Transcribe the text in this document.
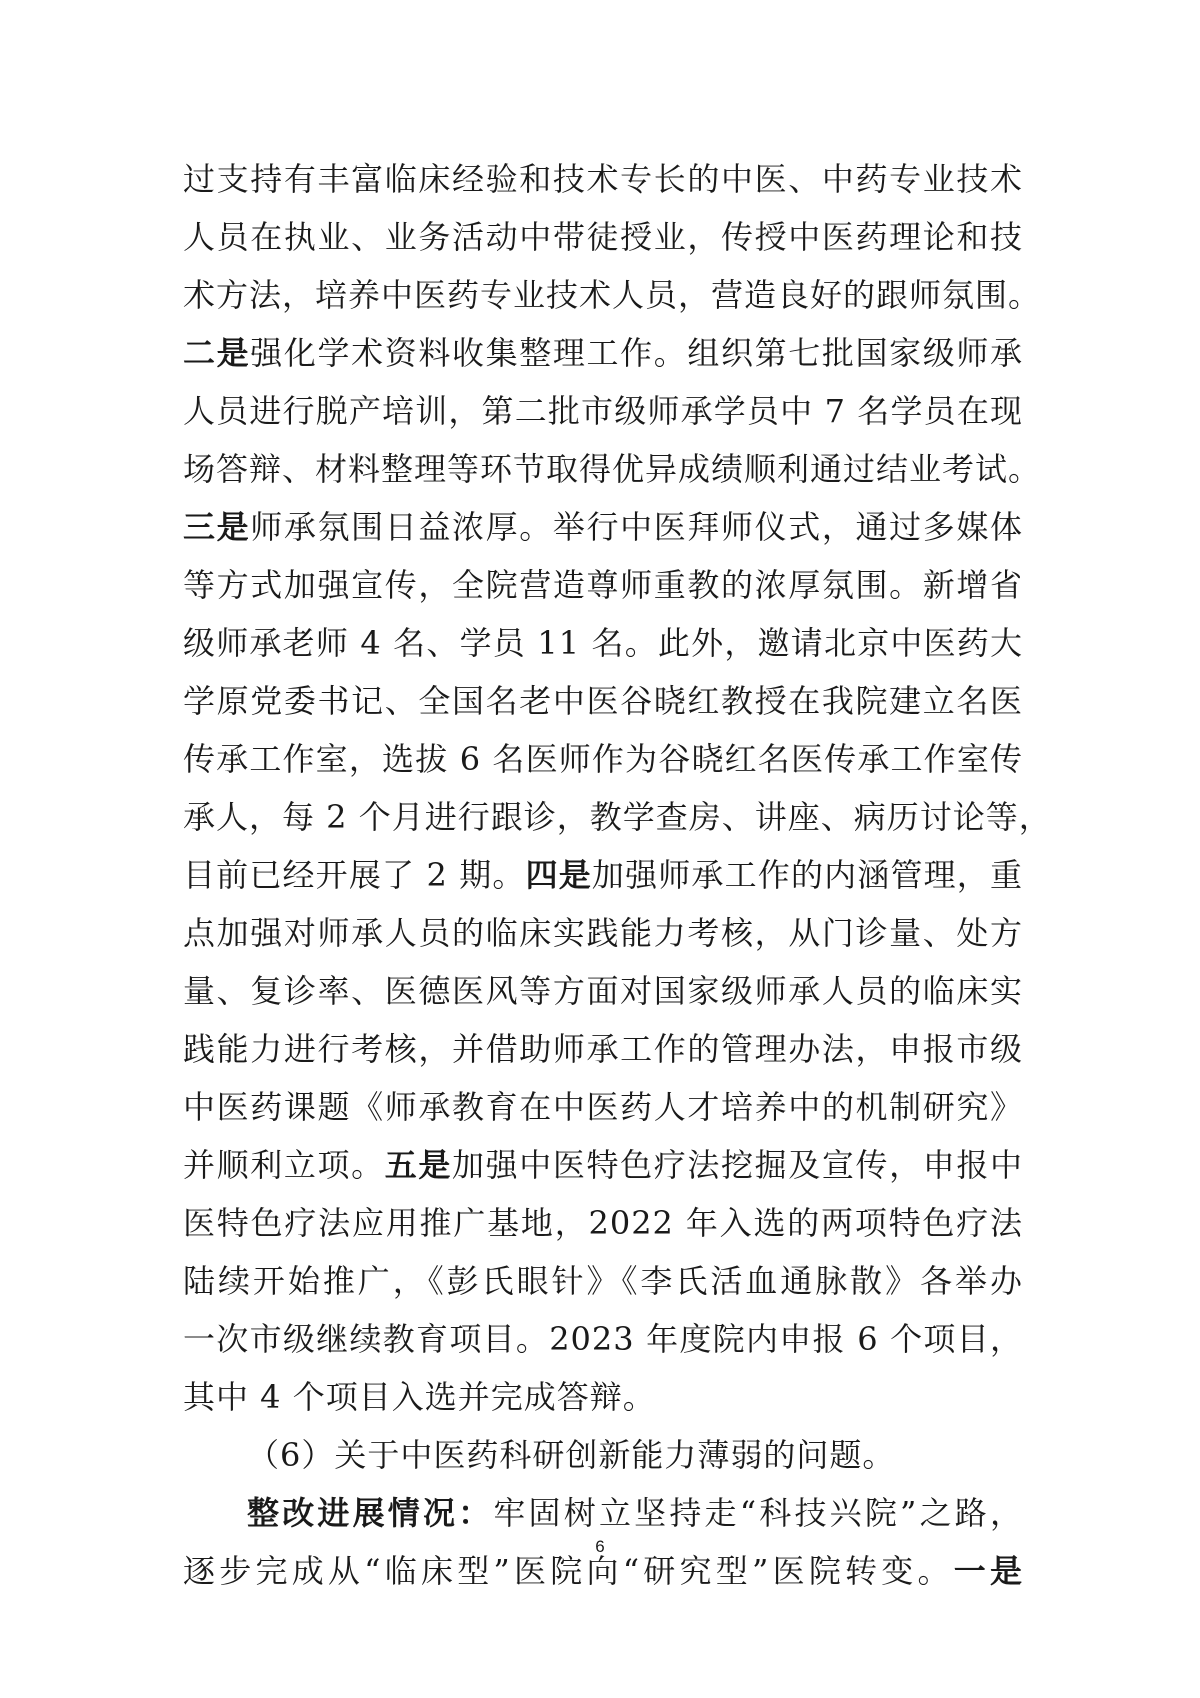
过支持有丰富临床经验和技术专长的中医、中药专业技术
人员在执业、业务活动中带徒授业，传授中医药理论和技
术方法，培养中医药专业技术人员，营造良好的跟师氛围。
二是强化学术资料收集整理工作。组织第七批国家级师承
人员进行脱产培训，第二批市级师承学员中 7 名学员在现
场答辩、材料整理等环节取得优异成绩顺利通过结业考试。
三是师承氛围日益浓厚。举行中医拜师仪式，通过多媒体
等方式加强宣传，全院营造尊师重教的浓厚氛围。新增省
级师承老师 4 名、学员 11 名。此外，邀请北京中医药大
学原党委书记、全国名老中医谷晓红教授在我院建立名医
传承工作室，选拔 6 名医师作为谷晓红名医传承工作室传
承人，每 2 个月进行跟诊，教学查房、讲座、病历讨论等，
目前已经开展了 2 期。四是加强师承工作的内涵管理，重
点加强对师承人员的临床实践能力考核，从门诊量、处方
量、复诊率、医德医风等方面对国家级师承人员的临床实
践能力进行考核，并借助师承工作的管理办法，申报市级
中医药课题《师承教育在中医药人才培养中的机制研究》
并顺利立项。五是加强中医特色疗法挖掘及宣传，申报中
医特色疗法应用推广基地，2022 年入选的两项特色疗法
陆续开始推广，《彭氏眼针》《李氏活血通脉散》各举办
一次市级继续教育项目。2023 年度院内申报 6 个项目，
其中 4 个项目入选并完成答辩。
（6）关于中医药科研创新能力薄弱的问题。
整改进展情况：牢固树立坚持走“科技兴院”之路，
逐步完成从“临床型”医院向“研究型”医院转变。一是
6
